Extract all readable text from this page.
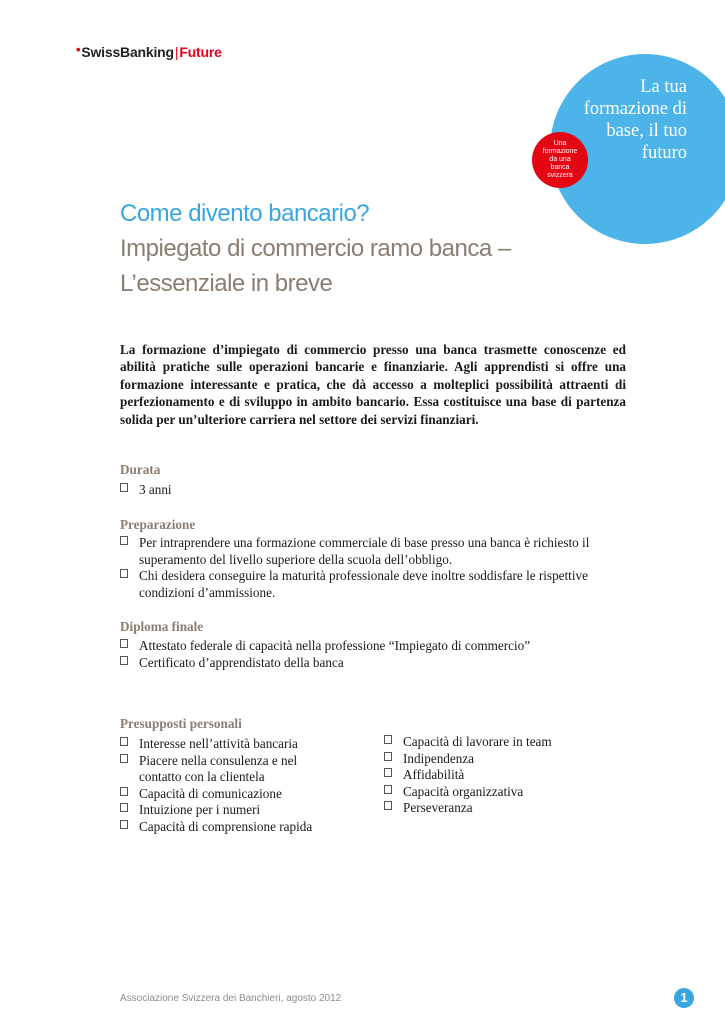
•SwissBanking|Future
La tua
formazione di
base, il tuo
futuro
Una
formazione
da una banca
svizzera
Come divento bancario?
Impiegato di commercio ramo banca –
L’essenziale in breve
La formazione d’impiegato di commercio presso una banca trasmette conoscenze ed abilità pratiche sulle operazioni bancarie e finanziarie. Agli apprendisti si offre una formazione interessante e pratica, che dà accesso a molteplici possibilità attraenti di perfezionamento e di sviluppo in ambito bancario. Essa costituisce una base di partenza solida per un’ulteriore carriera nel settore dei servizi finanziari.
Durata
3 anni
Preparazione
Per intraprendere una formazione commerciale di base presso una banca è richiesto il superamento del livello superiore della scuola dell’obbligo.
Chi desidera conseguire la maturità professionale deve inoltre soddisfare le rispettive condizioni d’ammissione.
Diploma finale
Attestato federale di capacità nella professione “Impiegato di commercio”
Certificato d’apprendistato della banca
Presupposti personali
Interesse nell’attività bancaria
Piacere nella consulenza e nel contatto con la clientela
Capacità di comunicazione
Intuizione per i numeri
Capacità di comprensione rapida
Capacità di lavorare in team
Indipendenza
Affidabilità
Capacità organizzativa
Perseveranza
Associazione Svizzera dei Banchieri, agosto 2012	1
